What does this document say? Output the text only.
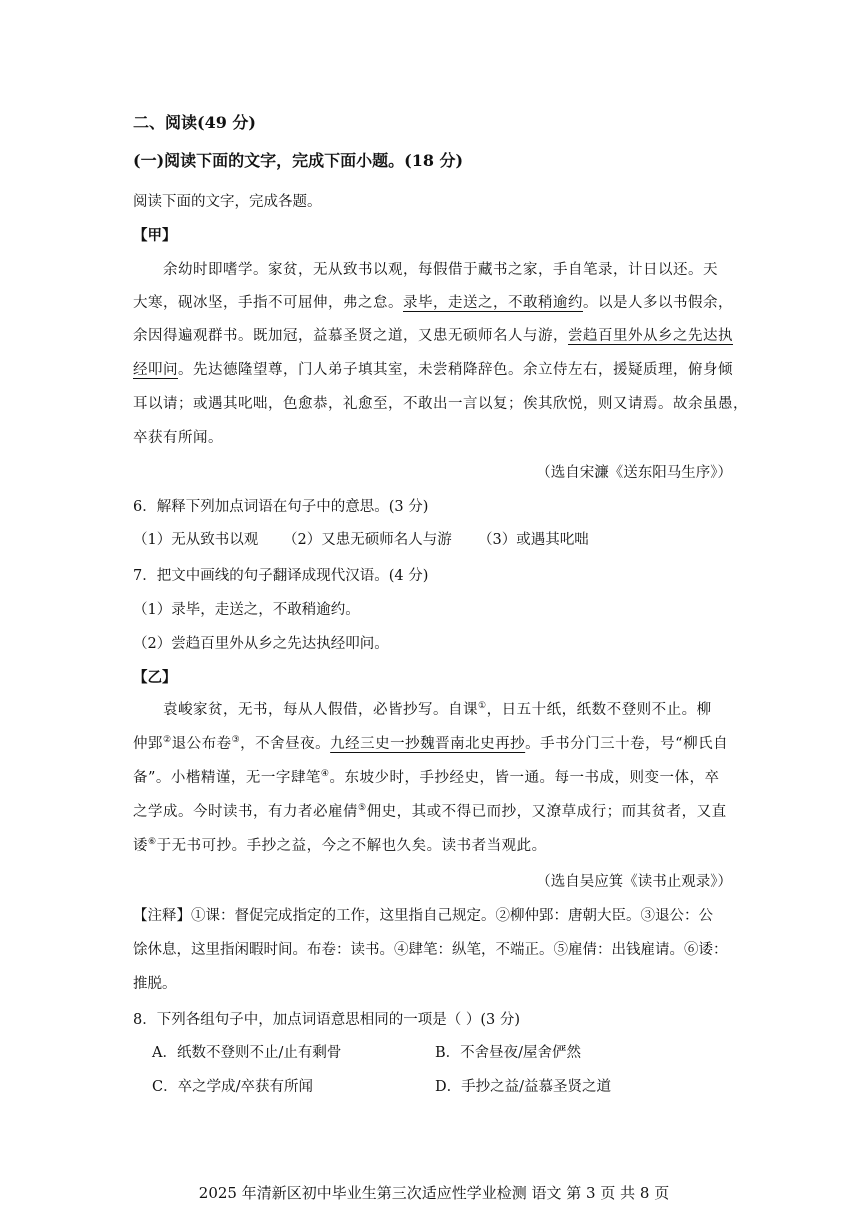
二、阅读(49 分)
(一)阅读下面的文字，完成下面小题。(18 分)
阅读下面的文字，完成各题。
【甲】
余幼时即嗜学。家贫，无从致书以观，每假借于藏书之家，手自笔录，计日以还。天
大寒，砚冰坚，手指不可屈伸，弗之怠。录毕，走送之，不敢稍逾约。以是人多以书假余，
余因得遍观群书。既加冠，益慕圣贤之道，又患无硕师名人与游，尝趋百里外从乡之先达执
经叩问。先达德隆望尊，门人弟子填其室，未尝稍降辞色。余立侍左右，援疑质理，俯身倾
耳以请；或遇其叱咄，色愈恭，礼愈至，不敢出一言以复；俟其欣悦，则又请焉。故余虽愚，
卒获有所闻。
（选自宋濂《送东阳马生序》）
6．解释下列加点词语在句子中的意思。(3 分)
（1）无从致书以观 （2）又患无硕师名人与游 （3）或遇其叱咄
7．把文中画线的句子翻译成现代汉语。(4 分)
（1）录毕，走送之，不敢稍逾约。
（2）尝趋百里外从乡之先达执经叩问。
【乙】
袁峻家贫，无书，每从人假借，必皆抄写。自课①，日五十纸，纸数不登则不止。柳
仲郢②退公布卷③，不舍昼夜。九经三史一抄魏晋南北史再抄。手书分门三十卷，号“柳氏自
备”。小楷精谨，无一字肆笔④。东坡少时，手抄经史，皆一通。每一书成，则变一体，卒
之学成。今时读书，有力者必雇倩⑤佣史，其或不得已而抄，又潦草成行；而其贫者，又直
诿⑥于无书可抄。手抄之益，今之不解也久矣。读书者当观此。
（选自吴应箕《读书止观录》）
【注释】①课：督促完成指定的工作，这里指自己规定。②柳仲郢：唐朝大臣。③退公：公
馀休息，这里指闲暇时间。布卷：读书。④肆笔：纵笔，不端正。⑤雇倩：出钱雇请。⑥诿：
推脱。
8．下列各组句子中，加点词语意思相同的一项是（ ）(3 分)
A．纸数不登则不止/止有剩骨	B．不舍昼夜/屋舍俨然
C．卒之学成/卒获有所闻	D．手抄之益/益慕圣贤之道
2025 年清新区初中毕业生第三次适应性学业检测 语文 第 3 页 共 8 页
